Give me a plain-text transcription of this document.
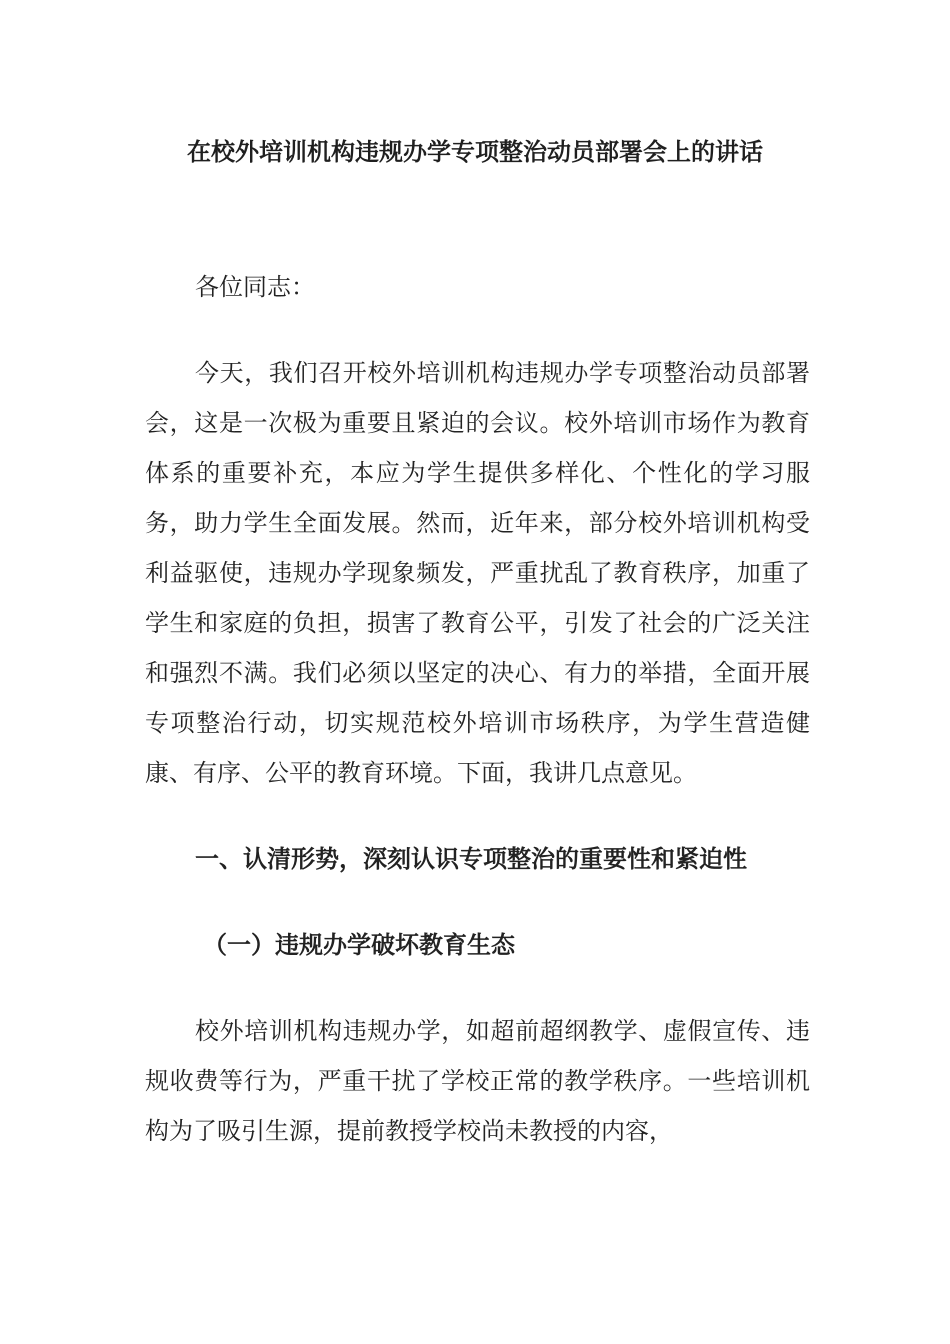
在校外培训机构违规办学专项整治动员部署会上的讲话

各位同志：

今天，我们召开校外培训机构违规办学专项整治动员部署会，这是一次极为重要且紧迫的会议。校外培训市场作为教育体系的重要补充，本应为学生提供多样化、个性化的学习服务，助力学生全面发展。然而，近年来，部分校外培训机构受利益驱使，违规办学现象频发，严重扰乱了教育秩序，加重了学生和家庭的负担，损害了教育公平，引发了社会的广泛关注和强烈不满。我们必须以坚定的决心、有力的举措，全面开展专项整治行动，切实规范校外培训市场秩序，为学生营造健康、有序、公平的教育环境。下面，我讲几点意见。

一、认清形势，深刻认识专项整治的重要性和紧迫性

（一）违规办学破坏教育生态

校外培训机构违规办学，如超前超纲教学、虚假宣传、违规收费等行为，严重干扰了学校正常的教学秩序。一些培训机构为了吸引生源，提前教授学校尚未教授的内容，
